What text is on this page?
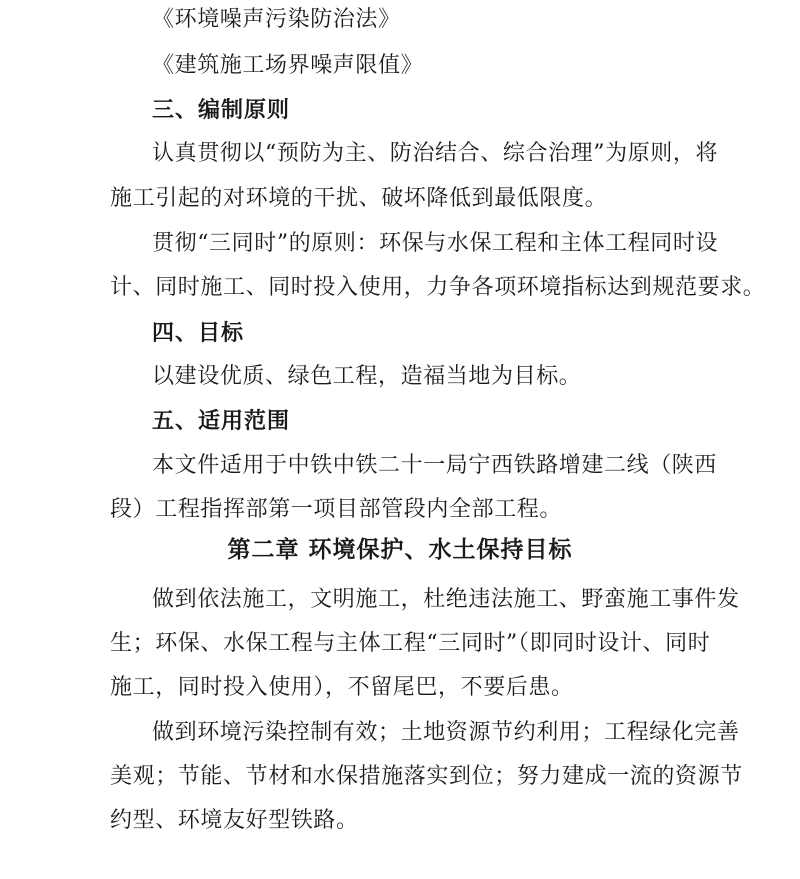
《环境噪声污染防治法》
《建筑施工场界噪声限值》
三、编制原则
认真贯彻以“预防为主、防治结合、综合治理”为原则，将
施工引起的对环境的干扰、破坏降低到最低限度。
贯彻“三同时”的原则：环保与水保工程和主体工程同时设
计、同时施工、同时投入使用，力争各项环境指标达到规范要求。
四、目标
以建设优质、绿色工程，造福当地为目标。
五、适用范围
本文件适用于中铁中铁二十一局宁西铁路增建二线（陕西
段）工程指挥部第一项目部管段内全部工程。
第二章 环境保护、水土保持目标
做到依法施工，文明施工，杜绝违法施工、野蛮施工事件发
生；环保、水保工程与主体工程“三同时”（即同时设计、同时
施工，同时投入使用），不留尾巴，不要后患。
做到环境污染控制有效；土地资源节约利用；工程绿化完善
美观；节能、节材和水保措施落实到位；努力建成一流的资源节
约型、环境友好型铁路。
